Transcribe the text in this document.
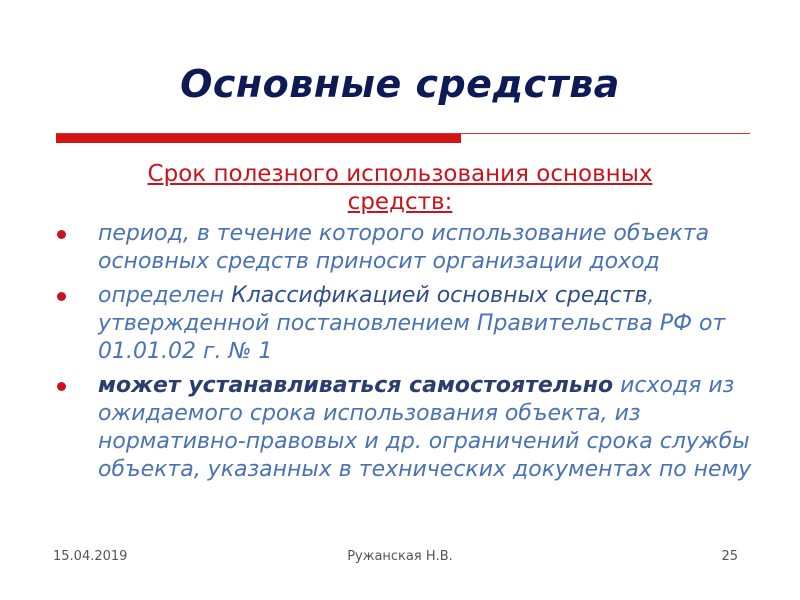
Основные средства
Срок полезного использования основных средств:
период, в течение которого использование объекта основных средств приносит организации доход
определен Классификацией основных средств, утвержденной постановлением Правительства РФ от 01.01.02 г. № 1
может устанавливаться самостоятельно исходя из ожидаемого срока использования объекта, из нормативно-правовых и др. ограничений срока службы объекта, указанных в технических документах по нему
15.04.2019	Ружанская Н.В.	25
